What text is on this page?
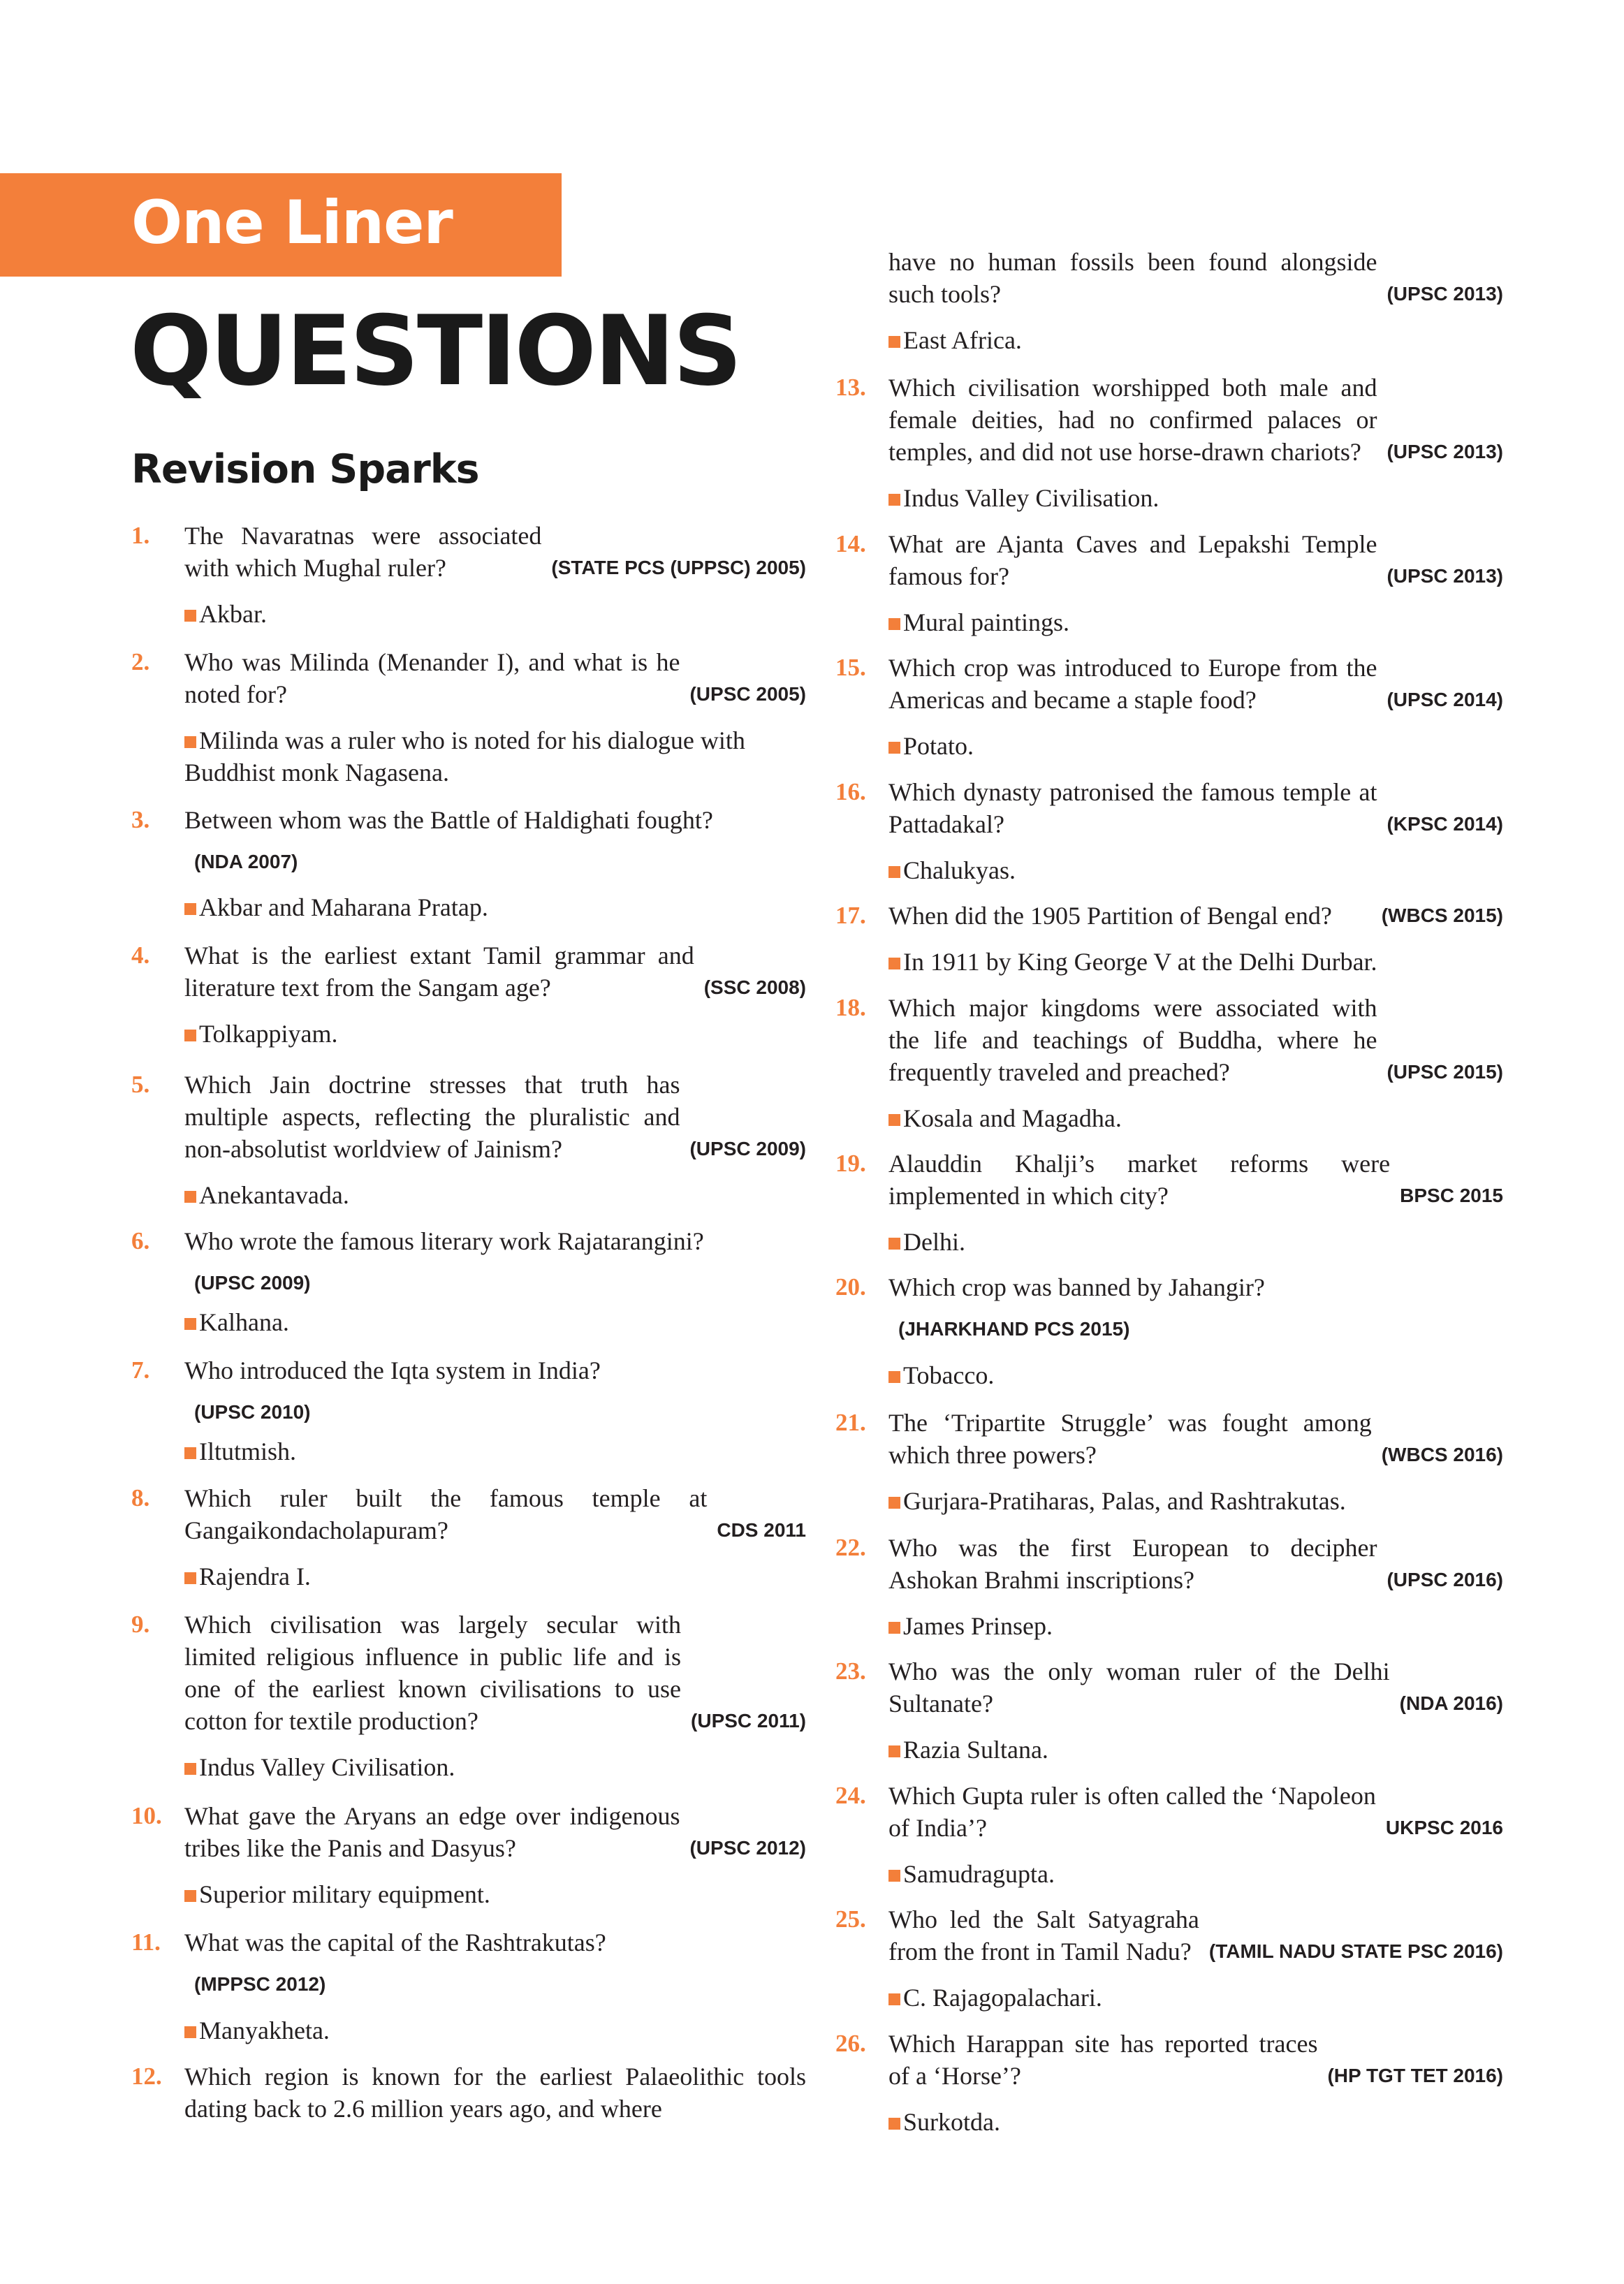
One Liner
QUESTIONS
Revision Sparks
1.
(STATE PCS (UPPSC) 2005)
The Navaratnas were associated with which Mughal ruler?
Akbar.
2.
(UPSC 2005)
Who was Milinda (Menander I), and what is he noted for?
Milinda was a ruler who is noted for his dialogue with Buddhist monk Nagasena.
3.	Between whom was the Battle of Haldighati fought?
(NDA 2007)
Akbar and Maharana Pratap.
4.
(SSC 2008)
What is the earliest extant Tamil grammar and literature text from the Sangam age?
Tolkappiyam.
5.
(UPSC 2009)
Which Jain doctrine stresses that truth has multiple aspects, reflecting the pluralistic and non-absolutist worldview of Jainism?
Anekantavada.
6.	Who wrote the famous literary work Rajatarangini?
(UPSC 2009)
Kalhana.
7.	Who introduced the Iqta system in India?
(UPSC 2010)
Iltutmish.
8.
CDS 2011
Which ruler built the famous temple at Gangaikondacholapuram?
Rajendra I.
9.
(UPSC 2011)
Which civilisation was largely secular with limited religious influence in public life and is one of the earliest known civilisations to use cotton for textile production?
Indus Valley Civilisation.
10.
(UPSC 2012)
What gave the Aryans an edge over indigenous tribes like the Panis and Dasyus?
Superior military equipment.
11. What was the capital of the Rashtrakutas?
(MPPSC 2012)
Manyakheta.
12. Which region is known for the earliest Palaeolithic tools dating back to 2.6 million years ago, and where
(UPSC 2013)
have no human fossils been found alongside such tools?
East Africa.
13.
(UPSC 2013)
Which civilisation worshipped both male and female deities, had no confirmed palaces or temples, and did not use horse-drawn chariots?
Indus Valley Civilisation.
14.
(UPSC 2013)
What are Ajanta Caves and Lepakshi Temple famous for?
Mural paintings.
15.
(UPSC 2014)
Which crop was introduced to Europe from the Americas and became a staple food?
Potato.
16.
(KPSC 2014)
Which dynasty patronised the famous temple at Pattadakal?
Chalukyas.
17.	(WBCS 2015)
When did the 1905 Partition of Bengal end?
In 1911 by King George V at the Delhi Durbar.
18.
(UPSC 2015)
Which major kingdoms were associated with the life and teachings of Buddha, where he frequently traveled and preached?
Kosala and Magadha.
19.
BPSC 2015
Alauddin Khalji’s market reforms were implemented in which city?
Delhi.
20. Which crop was banned by Jahangir?
(JHARKHAND PCS 2015)
Tobacco.
21.
(WBCS 2016)
The ‘Tripartite Struggle’ was fought among which three powers?
Gurjara-Pratiharas, Palas, and Rashtrakutas.
22.
(UPSC 2016)
Who was the first European to decipher Ashokan Brahmi inscriptions?
James Prinsep.
23.
(NDA 2016)
Who was the only woman ruler of the Delhi Sultanate?
Razia Sultana.
24.
UKPSC 2016
Which Gupta ruler is often called the ‘Napoleon of India’?
Samudragupta.
25.
(TAMIL NADU STATE PSC 2016)
Who led the Salt Satyagraha from the front in Tamil Nadu?
C. Rajagopalachari.
26.
(HP TGT TET 2016)
Which Harappan site has reported traces of a ‘Horse’?
Surkotda.
